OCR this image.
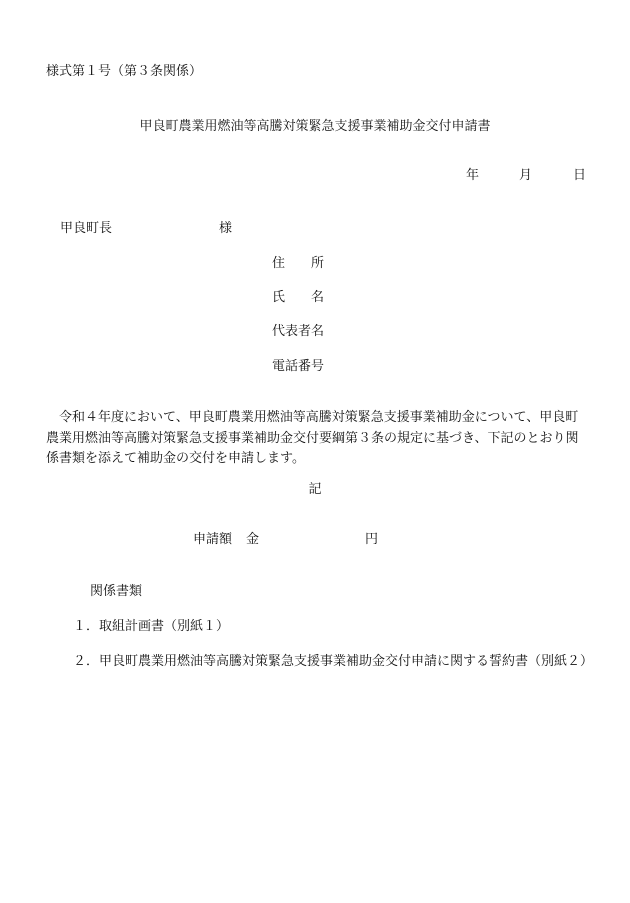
様式第１号（第３条関係）
甲良町農業用燃油等高騰対策緊急支援事業補助金交付申請書
年	月	日
甲良町長	様
住　　所
氏　　名
代表者名
電話番号
令和４年度において、甲良町農業用燃油等高騰対策緊急支援事業補助金について、甲良町農業用燃油等高騰対策緊急支援事業補助金交付要綱第３条の規定に基づき、下記のとおり関係書類を添えて補助金の交付を申請します。
記
申請額 金	円
関係書類
１．取組計画書（別紙１）
２．甲良町農業用燃油等高騰対策緊急支援事業補助金交付申請に関する誓約書（別紙２）
